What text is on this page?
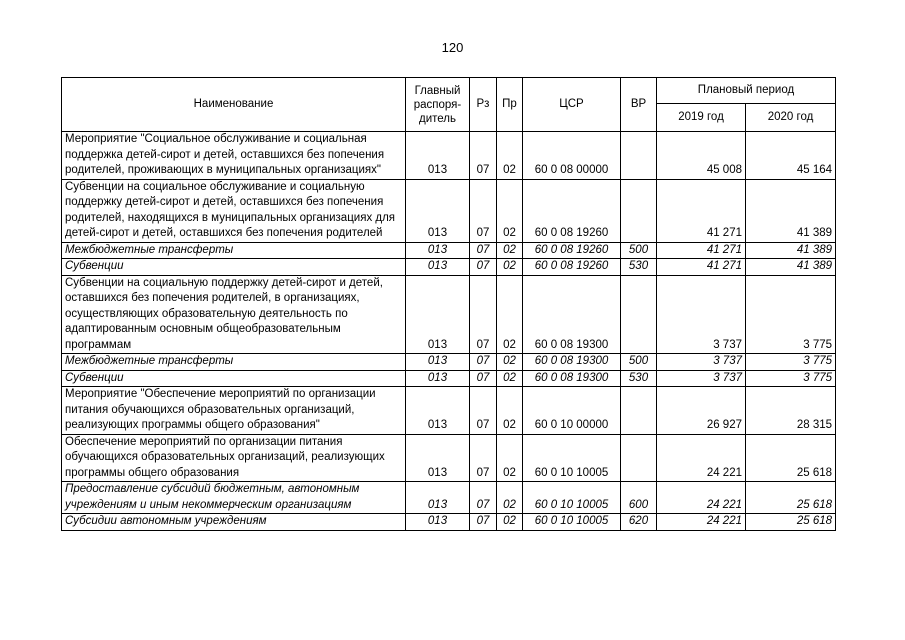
120
Наименование	Главный
распоря-
дитель	Рз	Пр	ЦСР	ВР	Плановый период	
						2019 год	2020 год
Мероприятие "Социальное обслуживание и социальная поддержка детей-сирот и детей, оставшихся без попечения родителей, проживающих в муниципальных организациях"	013	07	02	60 0 08 00000		45 008	45 164
Субвенции на социальное обслуживание и социальную поддержку детей-сирот и детей, оставшихся без попечения родителей, находящихся в муниципальных организациях для детей-сирот и детей, оставшихся без попечения родителей	013	07	02	60 0 08 19260		41 271	41 389
Межбюджетные трансферты	013	07	02	60 0 08 19260	500	41 271	41 389
Субвенции	013	07	02	60 0 08 19260	530	41 271	41 389
Субвенции на социальную поддержку детей-сирот и детей, оставшихся без попечения родителей, в организациях, осуществляющих образовательную деятельность по адаптированным основным общеобразовательным программам	013	07	02	60 0 08 19300		3 737	3 775
Межбюджетные трансферты	013	07	02	60 0 08 19300	500	3 737	3 775
Субвенции	013	07	02	60 0 08 19300	530	3 737	3 775
Мероприятие "Обеспечение мероприятий по организации питания обучающихся образовательных организаций, реализующих программы общего образования"	013	07	02	60 0 10 00000		26 927	28 315
Обеспечение мероприятий по организации питания обучающихся образовательных организаций, реализующих программы общего образования	013	07	02	60 0 10 10005		24 221	25 618
Предоставление субсидий бюджетным, автономным учреждениям и иным некоммерческим организациям	013	07	02	60 0 10 10005	600	24 221	25 618
Субсидии автономным учреждениям	013	07	02	60 0 10 10005	620	24 221	25 618
